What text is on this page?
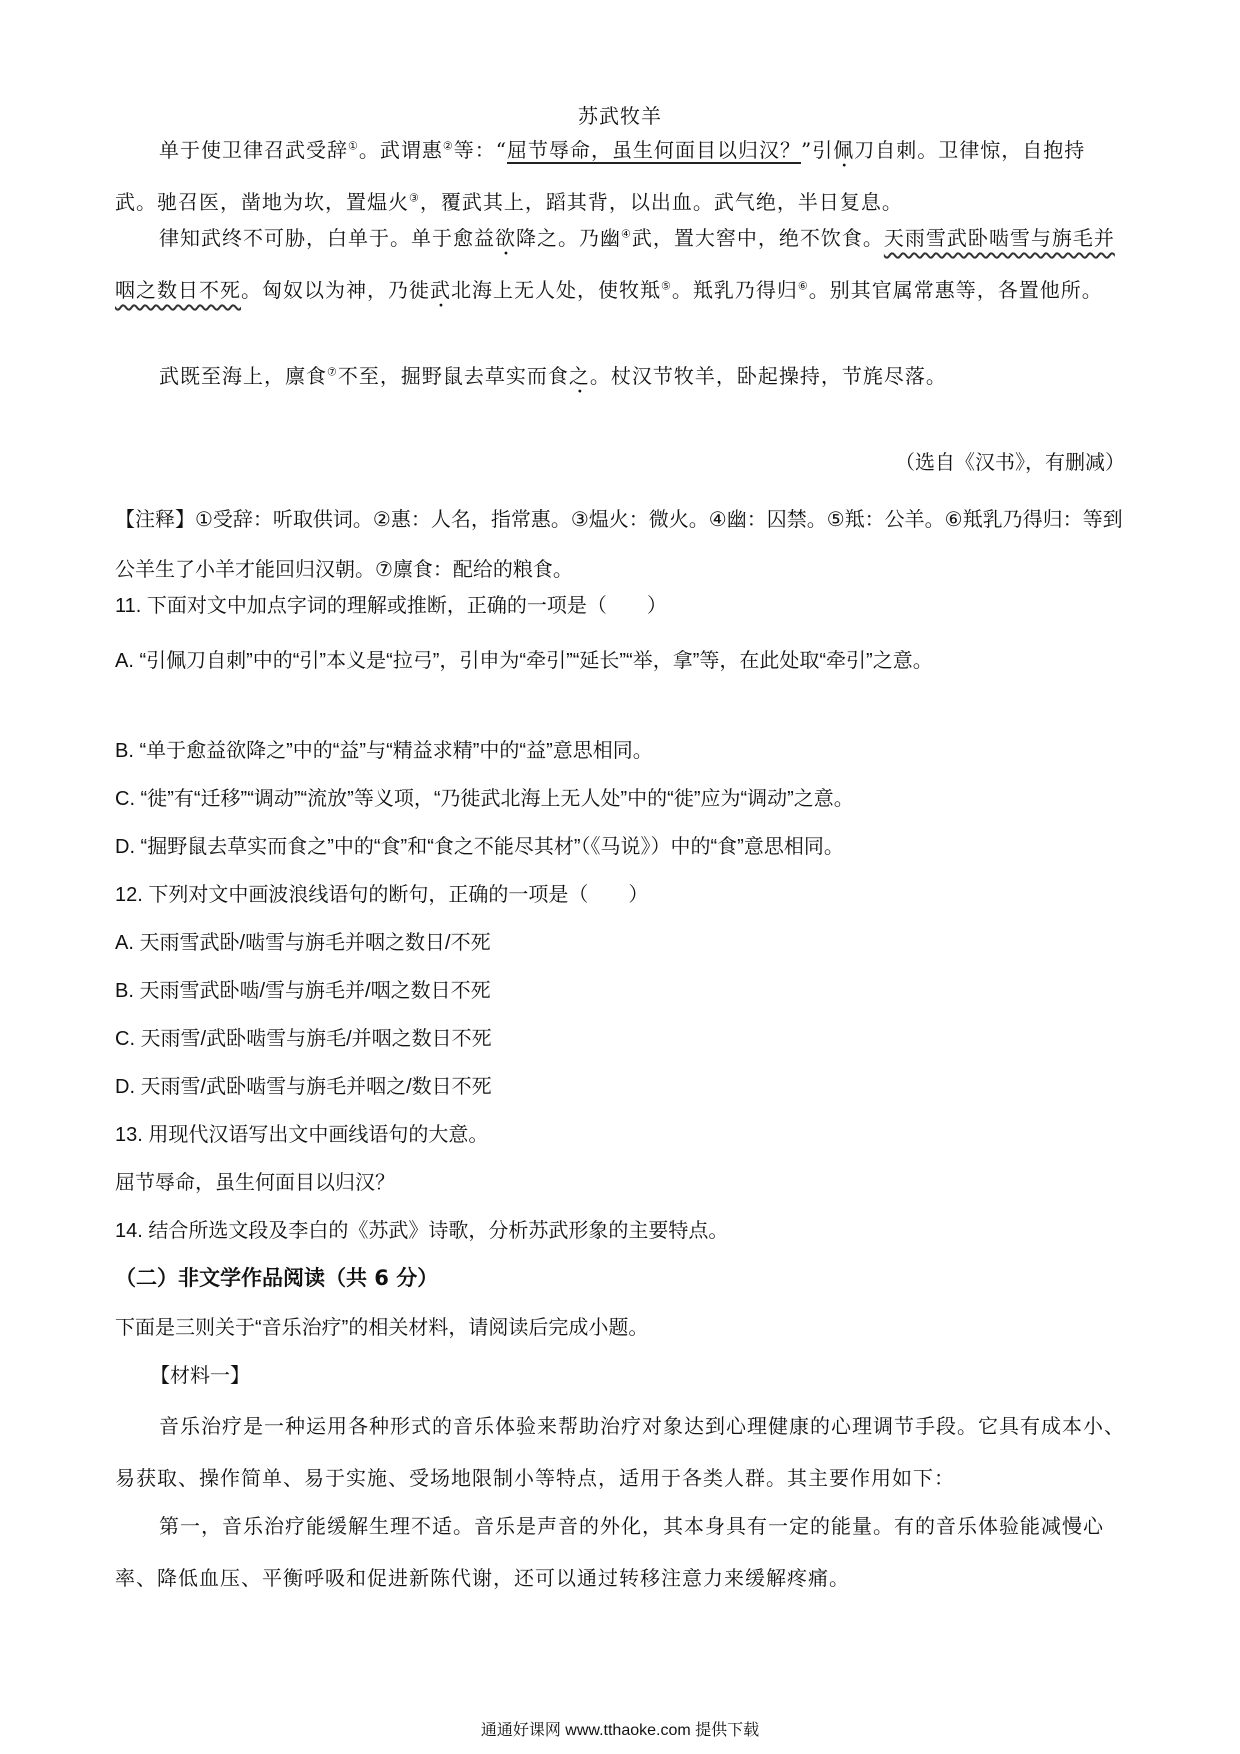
苏武牧羊
单于使卫律召武受辞①。武谓惠②等：“屈节辱命，虽生何面目以归汉？”引佩刀自刺。卫律惊，自抱持武。驰召医，凿地为坎，置煴火③，覆武其上，蹈其背，以出血。武气绝，半日复息。
律知武终不可胁，白单于。单于愈益欲降之。乃幽④武，置大窖中，绝不饮食。天雨雪武卧啮雪与旃毛并咽之数日不死。匈奴以为神，乃徙武北海上无人处，使牧羝⑤。羝乳乃得归⑥。别其官属常惠等，各置他所。
武既至海上，廪食⑦不至，掘野鼠去草实而食之。杖汉节牧羊，卧起操持，节旄尽落。
（选自《汉书》，有删减）
【注释】①受辞：听取供词。②惠：人名，指常惠。③煴火：微火。④幽：囚禁。⑤羝：公羊。⑥羝乳乃得归：等到公羊生了小羊才能回归汉朝。⑦廪食：配给的粮食。
11. 下面对文中加点字词的理解或推断，正确的一项是（　　）
A. “引佩刀自刺”中的“引”本义是“拉弓”，引申为“牵引”“延长”“举，拿”等，在此处取“牵引”之意。
B. “单于愈益欲降之”中的“益”与“精益求精”中的“益”意思相同。
C. “徙”有“迁移”“调动”“流放”等义项，“乃徙武北海上无人处”中的“徙”应为“调动”之意。
D. “掘野鼠去草实而食之”中的“食”和“食之不能尽其材”（《马说》）中的“食”意思相同。
12. 下列对文中画波浪线语句的断句，正确的一项是（　　）
A. 天雨雪武卧/啮雪与旃毛并咽之数日/不死
B. 天雨雪武卧啮/雪与旃毛并/咽之数日不死
C. 天雨雪/武卧啮雪与旃毛/并咽之数日不死
D. 天雨雪/武卧啮雪与旃毛并咽之/数日不死
13. 用现代汉语写出文中画线语句的大意。
屈节辱命，虽生何面目以归汉？
14. 结合所选文段及李白的《苏武》诗歌，分析苏武形象的主要特点。
（二）非文学作品阅读（共 6 分）
下面是三则关于“音乐治疗”的相关材料，请阅读后完成小题。
【材料一】
音乐治疗是一种运用各种形式的音乐体验来帮助治疗对象达到心理健康的心理调节手段。它具有成本小、易获取、操作简单、易于实施、受场地限制小等特点，适用于各类人群。其主要作用如下：
第一，音乐治疗能缓解生理不适。音乐是声音的外化，其本身具有一定的能量。有的音乐体验能减慢心率、降低血压、平衡呼吸和促进新陈代谢，还可以通过转移注意力来缓解疼痛。
通通好课网 www.tthaoke.com 提供下载
